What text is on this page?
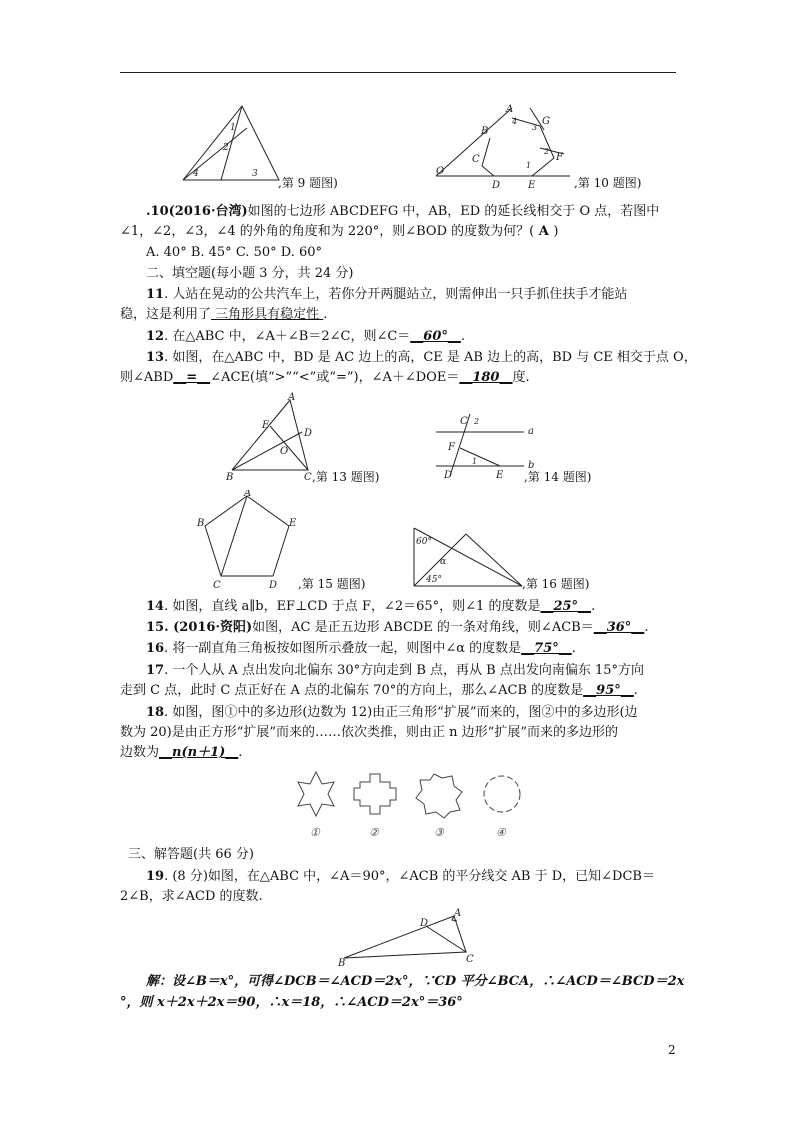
1
2
4	3
,第 9 题图)
A
B
C
D	E
F
G
O
4
3
2
1
,第 10 题图)
.10(2016·台湾)如图的七边形 ABCDEFG 中，AB，ED 的延长线相交于 O 点，若图中
∠1，∠2，∠3，∠4 的外角的角度和为 220°，则∠BOD 的度数为何？( A )
A. 40° B. 45° C. 50° D. 60°
二、填空题(每小题 3 分，共 24 分)
11. 人站在晃动的公共汽车上，若你分开两腿站立，则需伸出一只手抓住扶手才能站
稳，这是利用了 三角形具有稳定性 .
12. 在△ABC 中，∠A＋∠B＝2∠C，则∠C＝__60°__.
13. 如图，在△ABC 中，BD 是 AC 边上的高，CE 是 AB 边上的高，BD 与 CE 相交于点 O，
则∠ABD__=__∠ACE(填“>”“<”或“=”)，∠A＋∠DOE＝__180__度.
A
B	C
D
E
O
,第 13 题图)
C 2
a
b
F
D	E
1
,第 14 题图)
A
B
C	D
E
,第 15 题图)
60°
α
45°	,第 16 题图)
14. 如图，直线 a∥b，EF⊥CD 于点 F，∠2＝65°，则∠1 的度数是__25°__.
15. (2016·资阳)如图，AC 是正五边形 ABCDE 的一条对角线，则∠ACB＝__36°__.
16. 将一副直角三角板按如图所示叠放一起，则图中∠α 的度数是__75°__.
17. 一个人从 A 点出发向北偏东 30°方向走到 B 点，再从 B 点出发向南偏东 15°方向
走到 C 点，此时 C 点正好在 A 点的北偏东 70°的方向上，那么∠ACB 的度数是__95°__.
18. 如图，图①中的多边形(边数为 12)由正三角形“扩展”而来的，图②中的多边形(边
数为 20)是由正方形“扩展”而来的……依次类推，则由正 n 边形“扩展”而来的多边形的
边数为__n(n＋1)__.
①	②	③	④
三、解答题(共 66 分)
19. (8 分)如图，在△ABC 中，∠A＝90°，∠ACB 的平分线交 AB 于 D，已知∠DCB＝
2∠B，求∠ACD 的度数.
B
A
D
C
解：设∠B＝x°，可得∠DCB＝∠ACD＝2x°，∵CD 平分∠BCA，∴∠ACD＝∠BCD＝2x
°，则 x＋2x＋2x＝90，∴x＝18，∴∠ACD＝2x°＝36°
2
